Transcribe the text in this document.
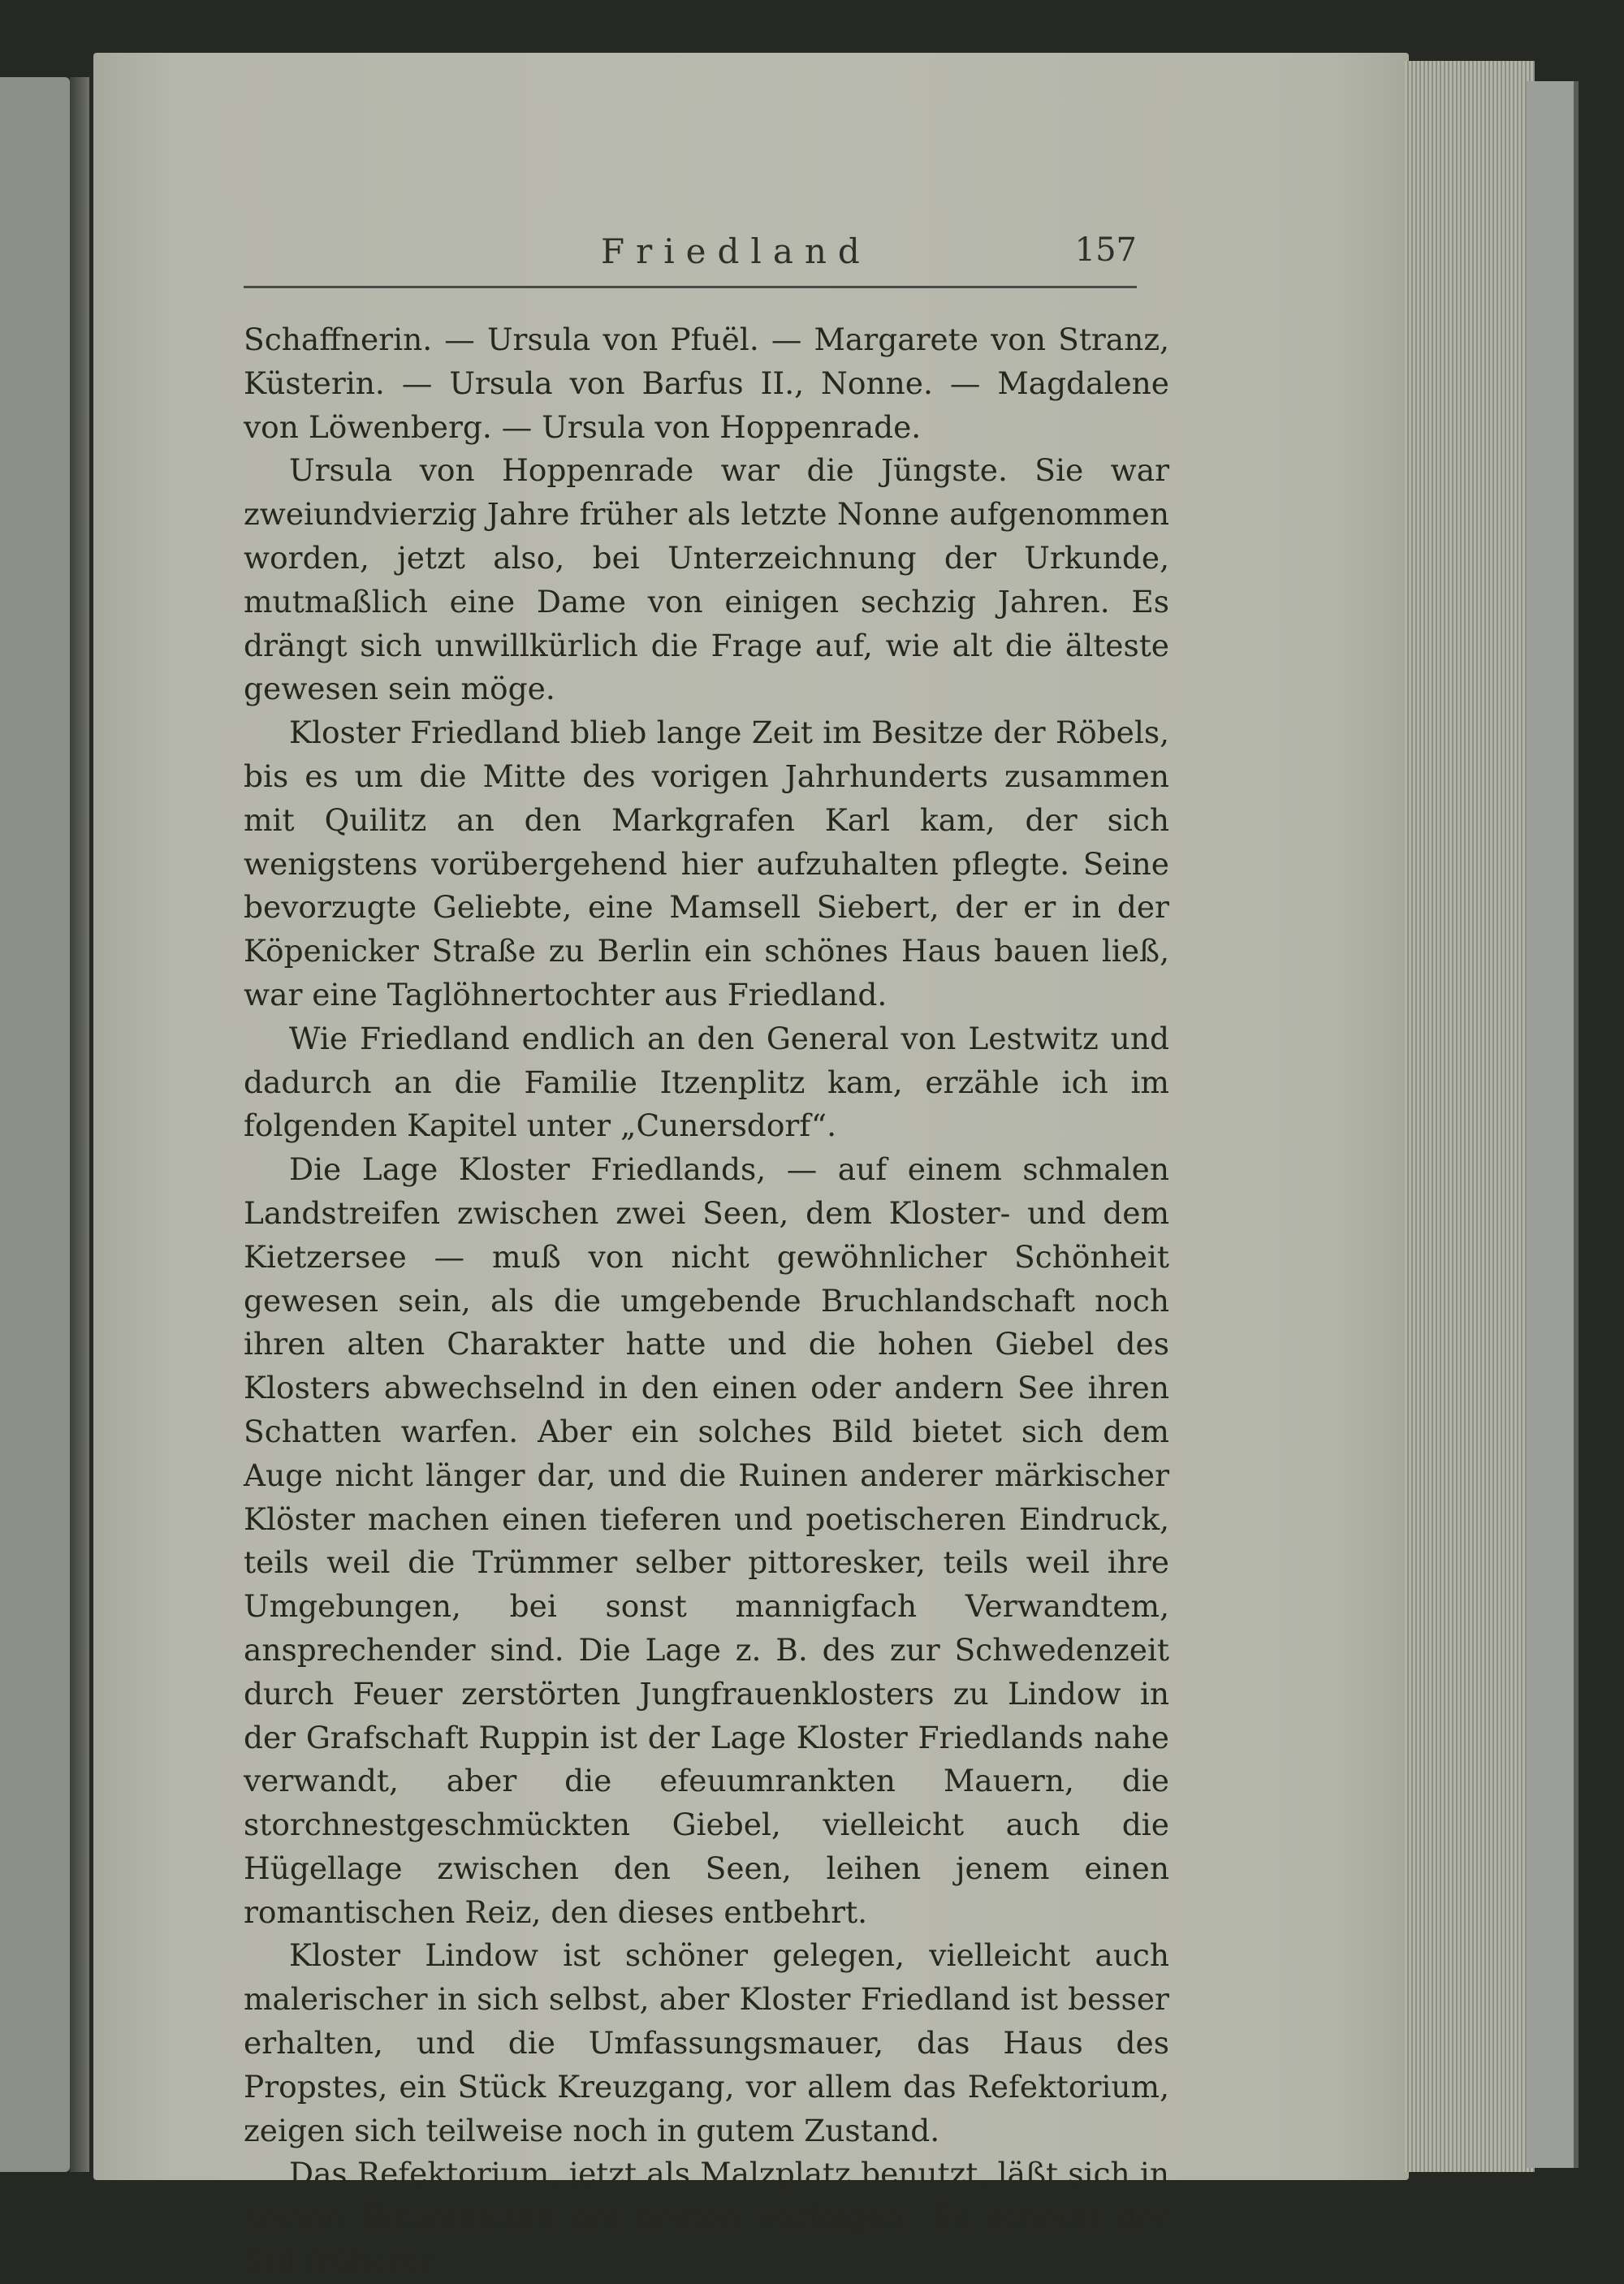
Friedland	157

Schaffnerin. — Ursula von Pfuël. — Margarete von Stranz, Küsterin. — Ursula von Barfus II., Nonne. — Magdalene von Löwenberg. — Ursula von Hoppenrade.

Ursula von Hoppenrade war die Jüngste. Sie war zweiundvierzig Jahre früher als letzte Nonne aufgenommen worden, jetzt also, bei Unterzeichnung der Urkunde, mutmaßlich eine Dame von einigen sechzig Jahren. Es drängt sich unwillkürlich die Frage auf, wie alt die älteste gewesen sein möge.

Kloster Friedland blieb lange Zeit im Besitze der Röbels, bis es um die Mitte des vorigen Jahrhunderts zusammen mit Quilitz an den Markgrafen Karl kam, der sich wenigstens vorübergehend hier aufzuhalten pflegte. Seine bevorzugte Geliebte, eine Mamsell Siebert, der er in der Köpenicker Straße zu Berlin ein schönes Haus bauen ließ, war eine Taglöhnertochter aus Friedland.

Wie Friedland endlich an den General von Lestwitz und dadurch an die Familie Itzenplitz kam, erzähle ich im folgenden Kapitel unter „Cunersdorf“.

Die Lage Kloster Friedlands, — auf einem schmalen Landstreifen zwischen zwei Seen, dem Kloster- und dem Kietzersee — muß von nicht gewöhnlicher Schönheit gewesen sein, als die umgebende Bruchlandschaft noch ihren alten Charakter hatte und die hohen Giebel des Klosters abwechselnd in den einen oder andern See ihren Schatten warfen. Aber ein solches Bild bietet sich dem Auge nicht länger dar, und die Ruinen anderer märkischer Klöster machen einen tieferen und poetischeren Eindruck, teils weil die Trümmer selber pittoresker, teils weil ihre Umgebungen, bei sonst mannigfach Verwandtem, ansprechender sind. Die Lage z. B. des zur Schwedenzeit durch Feuer zerstörten Jungfrauenklosters zu Lindow in der Grafschaft Ruppin ist der Lage Kloster Friedlands nahe verwandt, aber die efeuumrankten Mauern, die storchnestgeschmückten Giebel, vielleicht auch die Hügellage zwischen den Seen, leihen jenem einen romantischen Reiz, den dieses entbehrt.

Kloster Lindow ist schöner gelegen, vielleicht auch malerischer in sich selbst, aber Kloster Friedland ist besser erhalten, und die Umfassungsmauer, das Haus des Propstes, ein Stück Kreuzgang, vor allem das Refektorium, zeigen sich teilweise noch in gutem Zustand.

Das Refektorium, jetzt als Malzplatz benutzt, läßt sich in seinen Einzelheiten am besten verfolgen. Es scheint der Stil früherer
